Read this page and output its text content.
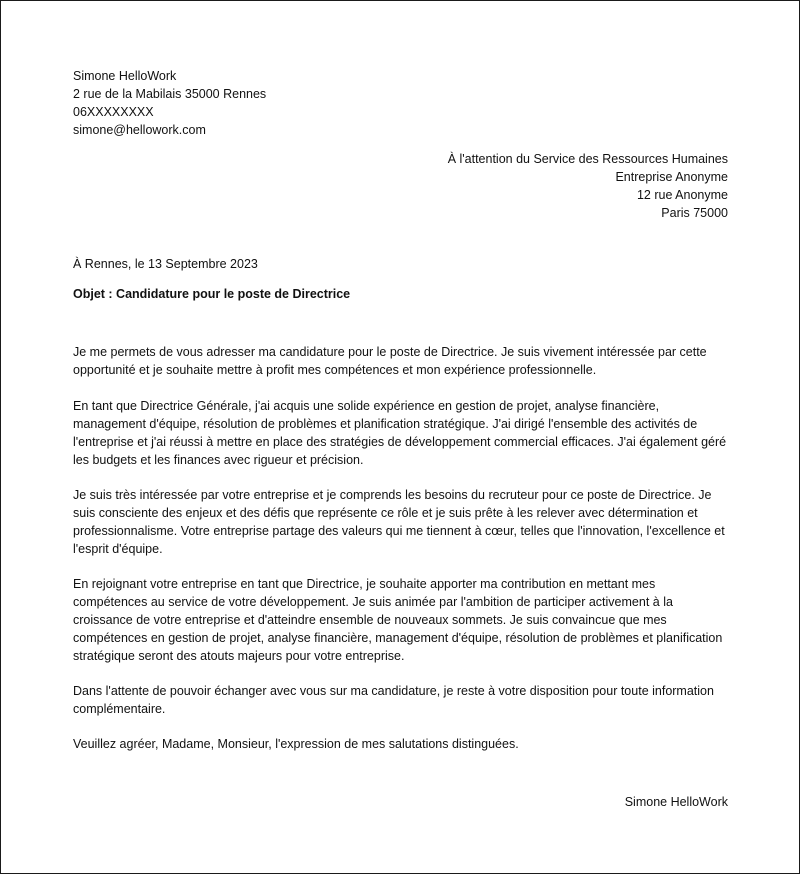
Simone HelloWork
2 rue de la Mabilais 35000 Rennes
06XXXXXXXX
simone@hellowork.com
À l'attention du Service des Ressources Humaines
Entreprise Anonyme
12 rue Anonyme
Paris 75000
À Rennes, le 13 Septembre 2023
Objet : Candidature pour le poste de Directrice

Je me permets de vous adresser ma candidature pour le poste de Directrice. Je suis vivement intéressée par cette opportunité et je souhaite mettre à profit mes compétences et mon expérience professionnelle.

En tant que Directrice Générale, j'ai acquis une solide expérience en gestion de projet, analyse financière, management d'équipe, résolution de problèmes et planification stratégique. J'ai dirigé l'ensemble des activités de l'entreprise et j'ai réussi à mettre en place des stratégies de développement commercial efficaces. J'ai également géré les budgets et les finances avec rigueur et précision.

Je suis très intéressée par votre entreprise et je comprends les besoins du recruteur pour ce poste de Directrice. Je suis consciente des enjeux et des défis que représente ce rôle et je suis prête à les relever avec détermination et professionnalisme. Votre entreprise partage des valeurs qui me tiennent à cœur, telles que l'innovation, l'excellence et l'esprit d'équipe.

En rejoignant votre entreprise en tant que Directrice, je souhaite apporter ma contribution en mettant mes compétences au service de votre développement. Je suis animée par l'ambition de participer activement à la croissance de votre entreprise et d'atteindre ensemble de nouveaux sommets. Je suis convaincue que mes compétences en gestion de projet, analyse financière, management d'équipe, résolution de problèmes et planification stratégique seront des atouts majeurs pour votre entreprise.

Dans l'attente de pouvoir échanger avec vous sur ma candidature, je reste à votre disposition pour toute information complémentaire.

Veuillez agréer, Madame, Monsieur, l'expression de mes salutations distinguées.

Simone HelloWork
